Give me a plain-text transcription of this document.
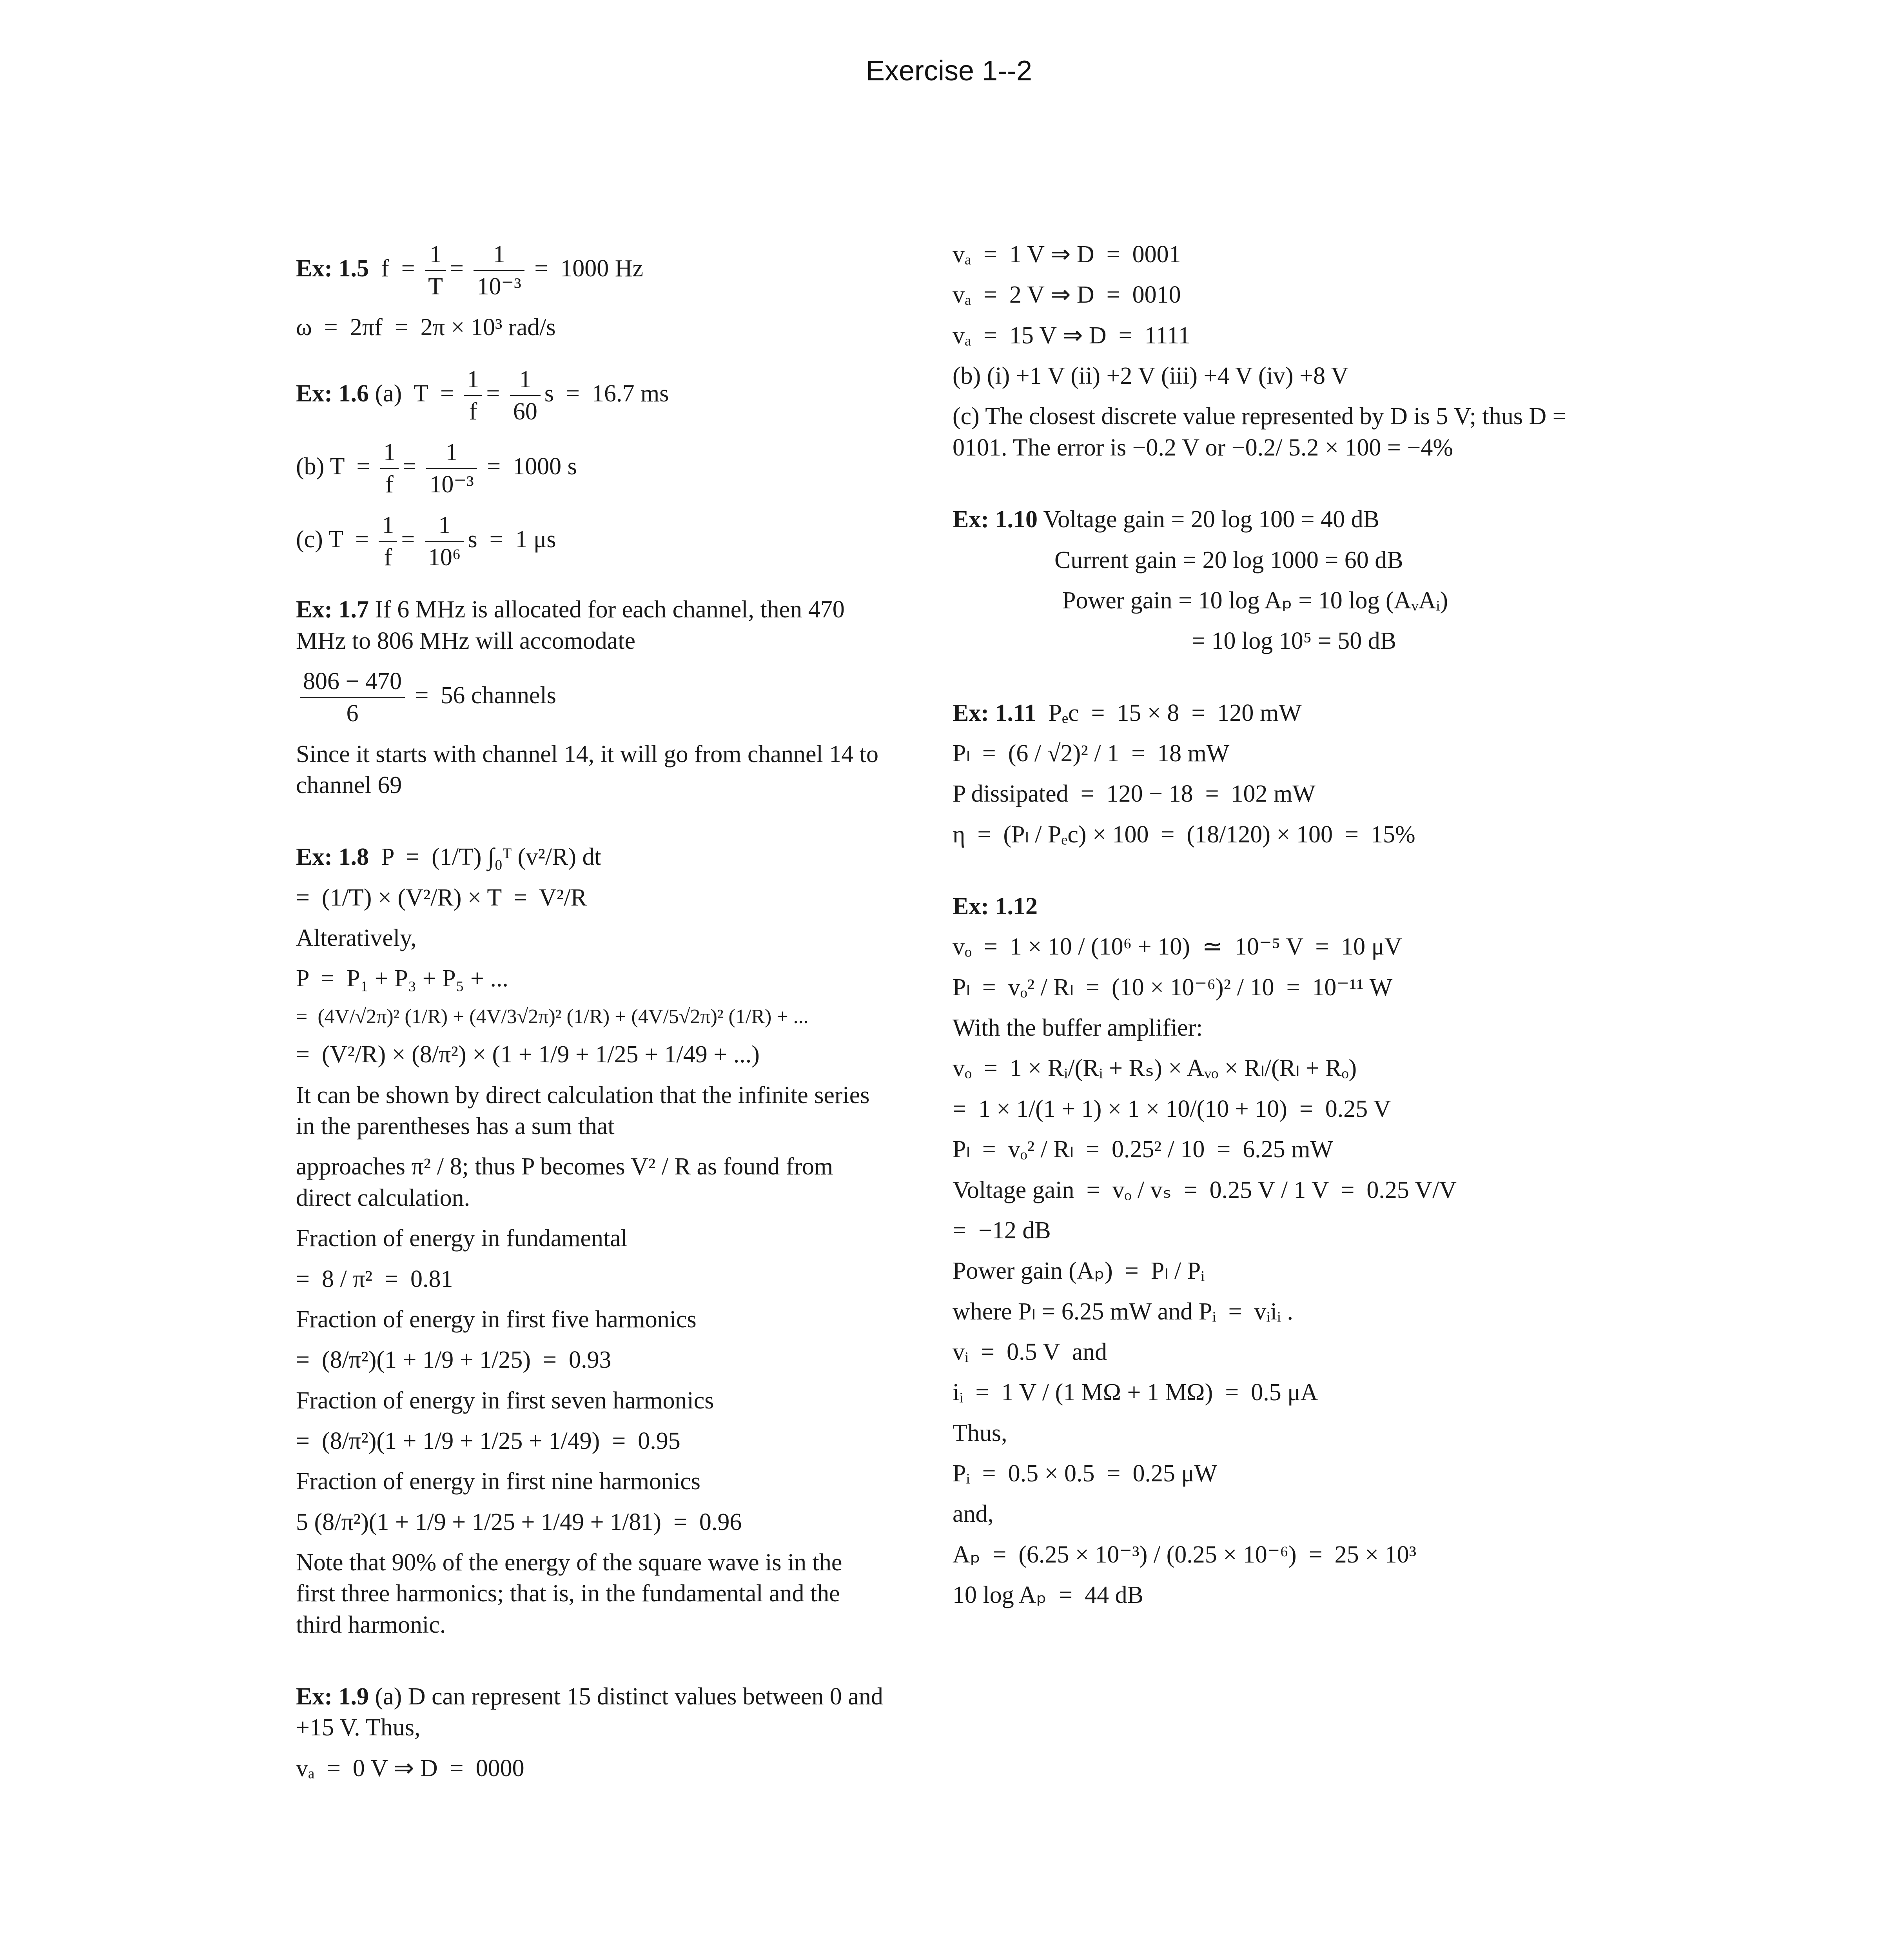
Exercise 1--2
Ex: 1.5 $f = \frac{1}{T} = \frac{1}{\text{10⁻³}} = 1000$ Hz
ω  =  2πf  =  2π × 10³ rad/s
Ex: 1.6 (a)  $T = \frac{1}{f} = \frac{1}{60}$ s  =  16.7 ms
(b) $T = \frac{1}{f} = \frac{1}{\text{10⁻³}} = 1000$ s
(c) $T = \frac{1}{f} = \frac{1}{\text{10⁶}}$ s  =  1 μs
Ex: 1.7 If 6 MHz is allocated for each channel, then 470 MHz to 806 MHz will accomodate
$\frac{806 - 470}{6} = 56$ channels
Since it starts with channel 14, it will go from channel 14 to channel 69
Ex: 1.8 P  =  (1/T) ∫₀ᵀ (v²/R) dt
=  (1/T) × (V²/R) × T  =  V²/R
Alteratively,
P  =  P₁ + P₃ + P₅ + ...
=  (4V/√2π)² (1/R) + (4V/3√2π)² (1/R) + (4V/5√2π)² (1/R) + ...
=  (V²/R) × (8/π²) × (1 + 1/9 + 1/25 + 1/49 + ...)
It can be shown by direct calculation that the infinite series in the parentheses has a sum that
approaches π² / 8; thus P becomes V² / R as found from direct calculation.
Fraction of energy in fundamental
=  8 / π²  =  0.81
Fraction of energy in first five harmonics
=  (8/π²)(1 + 1/9 + 1/25)  =  0.93
Fraction of energy in first seven harmonics
=  (8/π²)(1 + 1/9 + 1/25 + 1/49)  =  0.95
Fraction of energy in first nine harmonics
5 (8/π²)(1 + 1/9 + 1/25 + 1/49 + 1/81)  =  0.96
Note that 90% of the energy of the square wave is in the first three harmonics; that is, in the fundamental and the third harmonic.
Ex: 1.9 (a) D can represent 15 distinct values between 0 and +15 V. Thus,
vₐ  =  0 V ⇒ D  =  0000
vₐ  =  1 V ⇒ D  =  0001
vₐ  =  2 V ⇒ D  =  0010
vₐ  =  15 V ⇒ D  =  1111
(b) (i) +1 V (ii) +2 V (iii) +4 V (iv) +8 V
(c) The closest discrete value represented by D is 5 V; thus D = 0101. The error is −0.2 V or −0.2/ 5.2 × 100 = −4%
Ex: 1.10 Voltage gain = 20 log 100 = 40 dB
Current gain = 20 log 1000 = 60 dB
Power gain = 10 log Aₚ = 10 log (AᵥAᵢ)
= 10 log 10⁵ = 50 dB
Ex: 1.11 Pₑc  =  15 × 8  =  120 mW
Pₗ  =  (6 / √2)² / 1  =  18 mW
P dissipated  =  120 − 18  =  102 mW
η  =  (Pₗ / Pₑc) × 100  =  (18/120) × 100  =  15%
Ex: 1.12
vₒ  =  1 × 10 / (10⁶ + 10)  ≃  10⁻⁵ V  =  10 μV
Pₗ  =  vₒ² / Rₗ  =  (10 × 10⁻⁶)² / 10  =  10⁻¹¹ W
With the buffer amplifier:
vₒ  =  1 × Rᵢ/(Rᵢ + Rₛ) × Aᵥₒ × Rₗ/(Rₗ + Rₒ)
=  1 × 1/(1 + 1) × 1 × 10/(10 + 10)  =  0.25 V
Pₗ  =  vₒ² / Rₗ  =  0.25² / 10  =  6.25 mW
Voltage gain  =  vₒ / vₛ  =  0.25 V / 1 V  =  0.25 V/V
=  −12 dB
Power gain (Aₚ)  =  Pₗ / Pᵢ
where Pₗ = 6.25 mW and Pᵢ  =  vᵢiᵢ .
vᵢ  =  0.5 V  and
iᵢ  =  1 V / (1 MΩ + 1 MΩ)  =  0.5 μA
Thus,
Pᵢ  =  0.5 × 0.5  =  0.25 μW
and,
Aₚ  =  (6.25 × 10⁻³) / (0.25 × 10⁻⁶)  =  25 × 10³
10 log Aₚ  =  44 dB
